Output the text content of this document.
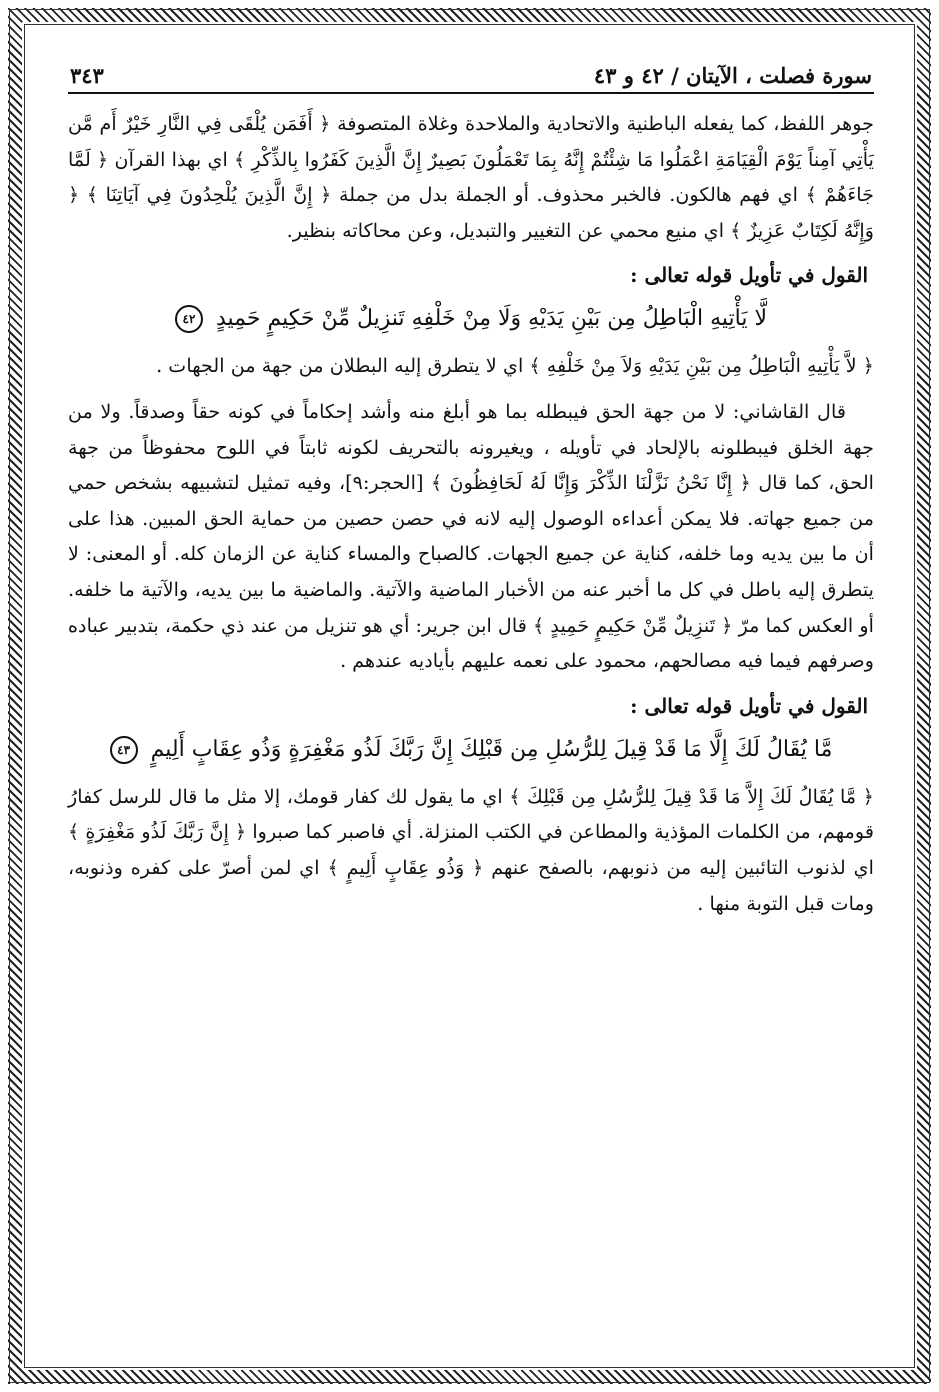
سورة فصلت ، الآيتان / ٤٢ و ٤٣
٣٤٣

جوهر اللفظ، كما يفعله الباطنية والاتحادية والملاحدة وغلاة المتصوفة ﴿ أَفَمَن يُلْقَى فِي النَّارِ خَيْرٌ أَم مَّن يَأْتِي آمِناً يَوْمَ الْقِيَامَةِ اعْمَلُوا مَا شِئْتُمْ إِنَّهُ بِمَا تَعْمَلُونَ بَصِيرٌ إِنَّ الَّذِينَ كَفَرُوا بِالذِّكْرِ ﴾ اي بهذا القرآن ﴿ لَمَّا جَاءَهُمْ ﴾ اي فهم هالكون. فالخبر محذوف. أو الجملة بدل من جملة ﴿ إِنَّ الَّذِينَ يُلْحِدُونَ فِي آيَاتِنَا ﴾ ﴿ وَإِنَّهُ لَكِتَابٌ عَزِيزٌ ﴾ اي منيع محمي عن التغيير والتبديل، وعن محاكاته بنظير.

القول في تأويل قوله تعالى :
لَّا يَأْتِيهِ الْبَاطِلُ مِن بَيْنِ يَدَيْهِ وَلَا مِنْ خَلْفِهِ تَنزِيلٌ مِّنْ حَكِيمٍ حَمِيدٍ ٤٢

﴿ لاَّ يَأْتِيهِ الْبَاطِلُ مِن بَيْنِ يَدَيْهِ وَلاَ مِنْ خَلْفِهِ ﴾ اي لا يتطرق إليه البطلان من جهة من الجهات .

قال القاشاني: لا من جهة الحق فيبطله بما هو أبلغ منه وأشد إحكاماً في كونه حقاً وصدقاً. ولا من جهة الخلق فيبطلونه بالإلحاد في تأويله ، ويغيرونه بالتحريف لكونه ثابتاً في اللوح محفوظاً من جهة الحق، كما قال ﴿ إِنَّا نَحْنُ نَزَّلْنَا الذِّكْرَ وَإِنَّا لَهُ لَحَافِظُونَ ﴾ [الحجر:٩]، وفيه تمثيل لتشبيهه بشخص حمي من جميع جهاته. فلا يمكن أعداءه الوصول إليه لانه في حصن حصين من حماية الحق المبين. هذا على أن ما بين يديه وما خلفه، كناية عن جميع الجهات. كالصباح والمساء كناية عن الزمان كله. أو المعنى: لا يتطرق إليه باطل في كل ما أخبر عنه من الأخبار الماضية والآتية. والماضية ما بين يديه، والآتية ما خلفه. أو العكس كما مرّ ﴿ تَنزِيلٌ مِّنْ حَكِيمٍ حَمِيدٍ ﴾ قال ابن جرير: أي هو تنزيل من عند ذي حكمة، بتدبير عباده وصرفهم فيما فيه مصالحهم، محمود على نعمه عليهم بأياديه عندهم .

القول في تأويل قوله تعالى :
مَّا يُقَالُ لَكَ إِلَّا مَا قَدْ قِيلَ لِلرُّسُلِ مِن قَبْلِكَ إِنَّ رَبَّكَ لَذُو مَغْفِرَةٍ وَذُو عِقَابٍ أَلِيمٍ ٤٣

﴿ مَّا يُقَالُ لَكَ إِلاَّ مَا قَدْ قِيلَ لِلرُّسُلِ مِن قَبْلِكَ ﴾ اي ما يقول لك كفار قومك، إلا مثل ما قال للرسل كفارُ قومهم، من الكلمات المؤذية والمطاعن في الكتب المنزلة. أي فاصبر كما صبروا ﴿ إِنَّ رَبَّكَ لَذُو مَغْفِرَةٍ ﴾ اي لذنوب التائبين إليه من ذنوبهم، بالصفح عنهم ﴿ وَذُو عِقَابٍ أَلِيمٍ ﴾ اي لمن أصرّ على كفره وذنوبه، ومات قبل التوبة منها .
